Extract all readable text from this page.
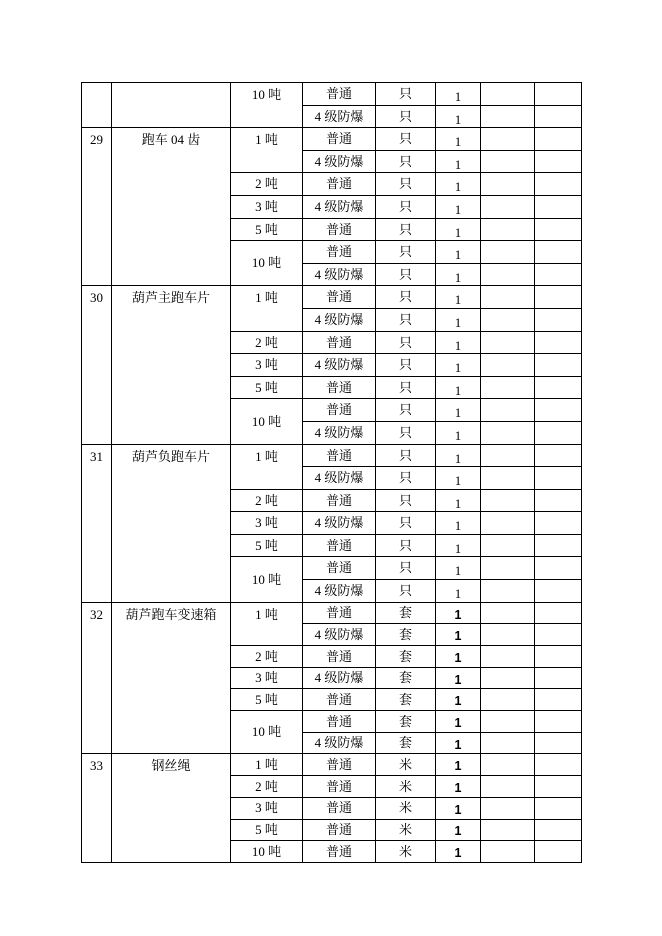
		10 吨	普通	只	1		
			4 级防爆	只	1		
29	跑车 04 齿	1 吨	普通	只	1		
			4 级防爆	只	1		
		2 吨	普通	只	1		
		3 吨	4 级防爆	只	1		
		5 吨	普通	只	1		
		10 吨	普通	只	1		
			4 级防爆	只	1		
30	葫芦主跑车片	1 吨	普通	只	1		
			4 级防爆	只	1		
		2 吨	普通	只	1		
		3 吨	4 级防爆	只	1		
		5 吨	普通	只	1		
		10 吨	普通	只	1		
			4 级防爆	只	1		
31	葫芦负跑车片	1 吨	普通	只	1		
			4 级防爆	只	1		
		2 吨	普通	只	1		
		3 吨	4 级防爆	只	1		
		5 吨	普通	只	1		
		10 吨	普通	只	1		
			4 级防爆	只	1		
32	葫芦跑车变速箱	1 吨	普通	套	1		
			4 级防爆	套	1		
		2 吨	普通	套	1		
		3 吨	4 级防爆	套	1		
		5 吨	普通	套	1		
		10 吨	普通	套	1		
			4 级防爆	套	1		
33	钢丝绳	1 吨	普通	米	1		
		2 吨	普通	米	1		
		3 吨	普通	米	1		
		5 吨	普通	米	1		
		10 吨	普通	米	1		
